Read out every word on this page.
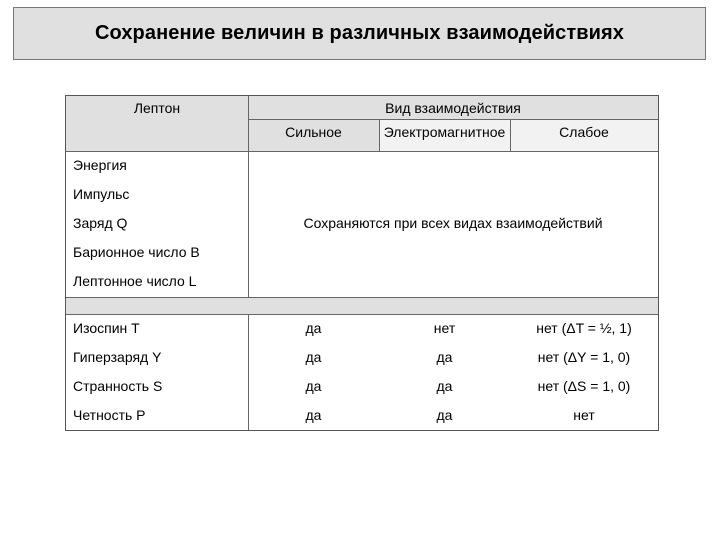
Сохранение величин в различных взаимодействиях
Лептон	Вид взаимодействия
Сильное	Электромагнитное	Слабое
Энергия
Импульс
Заряд Q
Барионное число B
Лептонное число L
Сохраняются при всех видах взаимодействий
Изоспин T	да	нет	нет (ΔT = ½, 1)
Гиперзаряд Y	да	да	нет (ΔY = 1, 0)
Странность S	да	да	нет (ΔS = 1, 0)
Четность P	да	да	нет
